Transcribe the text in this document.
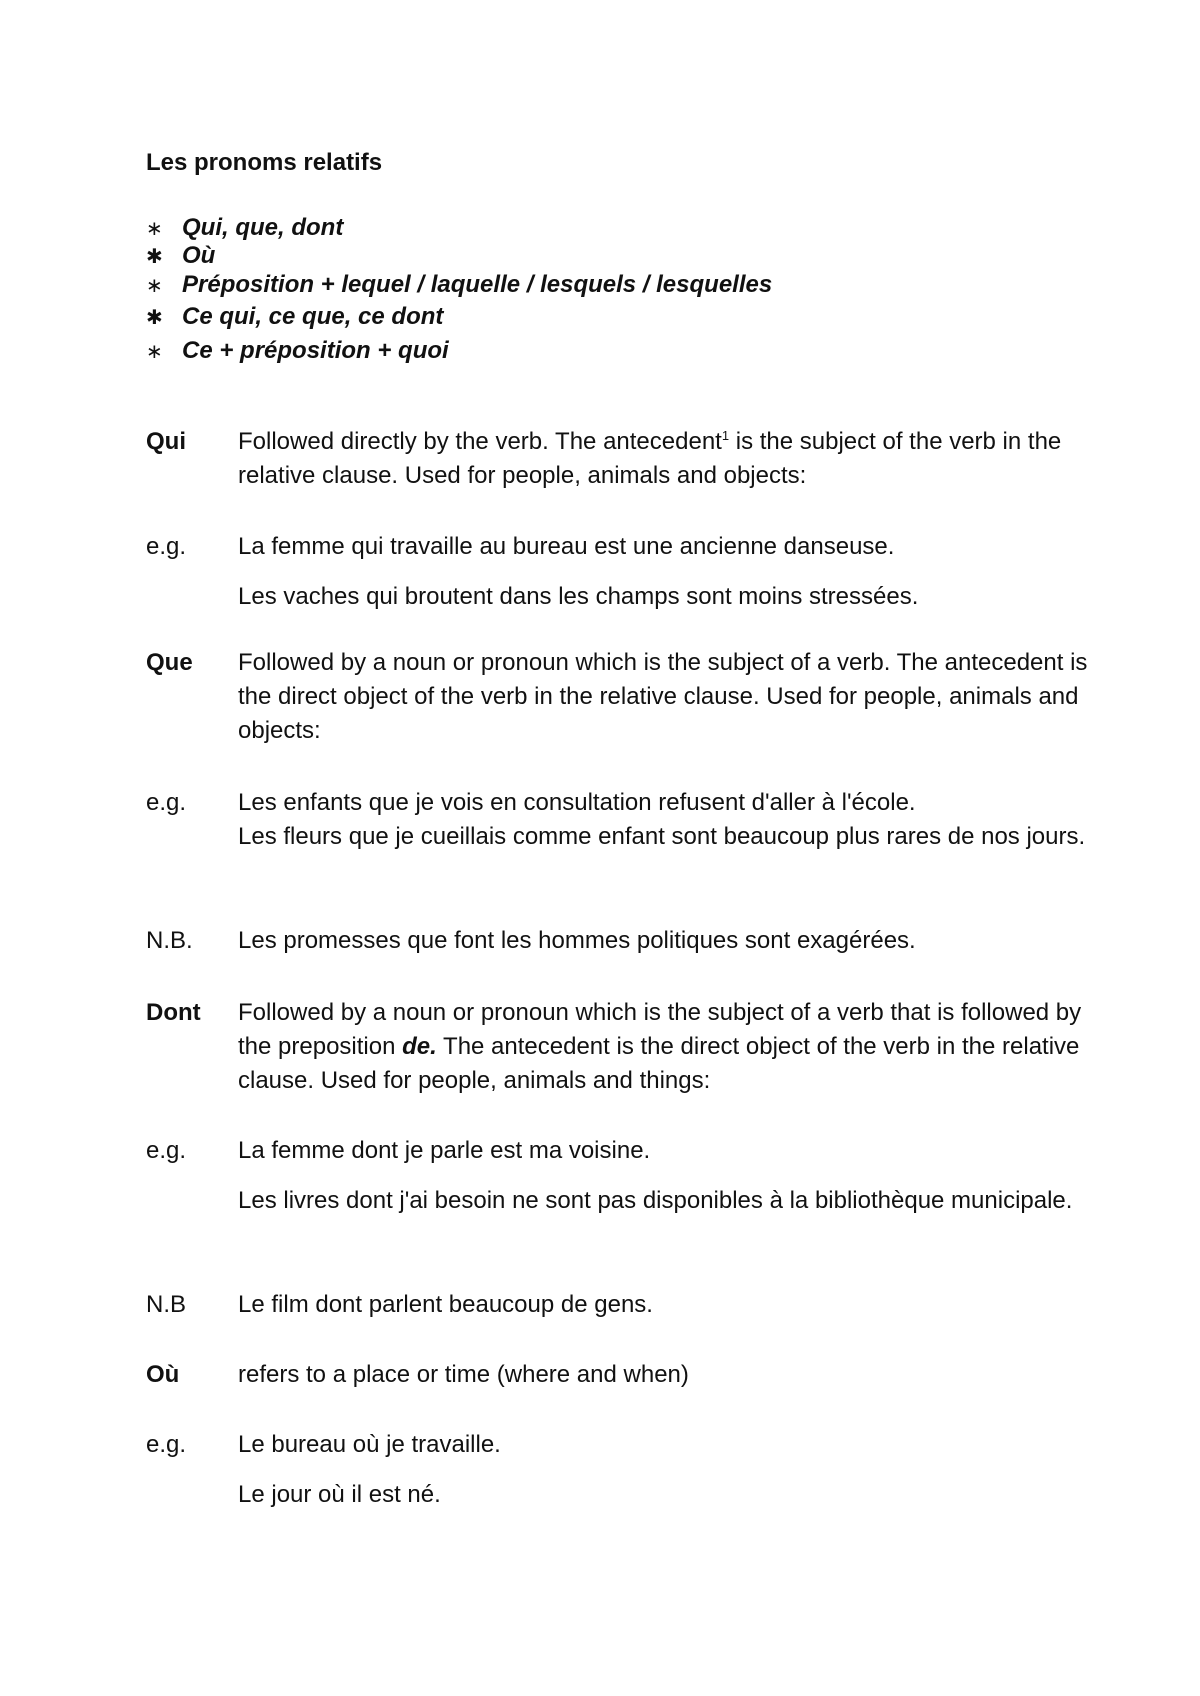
Les pronoms relatifs
∗ Qui, que, dont
✱ Où
∗ Préposition + lequel / laquelle / lesquels / lesquelles
✱ Ce qui, ce que, ce dont
∗ Ce + préposition + quoi
Qui	Followed directly by the verb. The antecedent$^1$ is the subject of the verb in the relative clause. Used for people, animals and objects:
e.g.	La femme qui travaille au bureau est une ancienne danseuse.
Les vaches qui broutent dans les champs sont moins stressées.
Que	Followed by a noun or pronoun which is the subject of a verb. The antecedent is the direct object of the verb in the relative clause. Used for people, animals and objects:
e.g.	Les enfants que je vois en consultation refusent d'aller à l'école.
Les fleurs que je cueillais comme enfant sont beaucoup plus rares de nos jours.
N.B.	Les promesses que font les hommes politiques sont exagérées.
Dont	Followed by a noun or pronoun which is the subject of a verb that is followed by the preposition de. The antecedent is the direct object of the verb in the relative clause. Used for people, animals and things:
e.g.	La femme dont je parle est ma voisine.
Les livres dont j'ai besoin ne sont pas disponibles à la bibliothèque municipale.
N.B	Le film dont parlent beaucoup de gens.
Où	refers to a place or time (where and when)
e.g.	Le bureau où je travaille.
Le jour où il est né.
